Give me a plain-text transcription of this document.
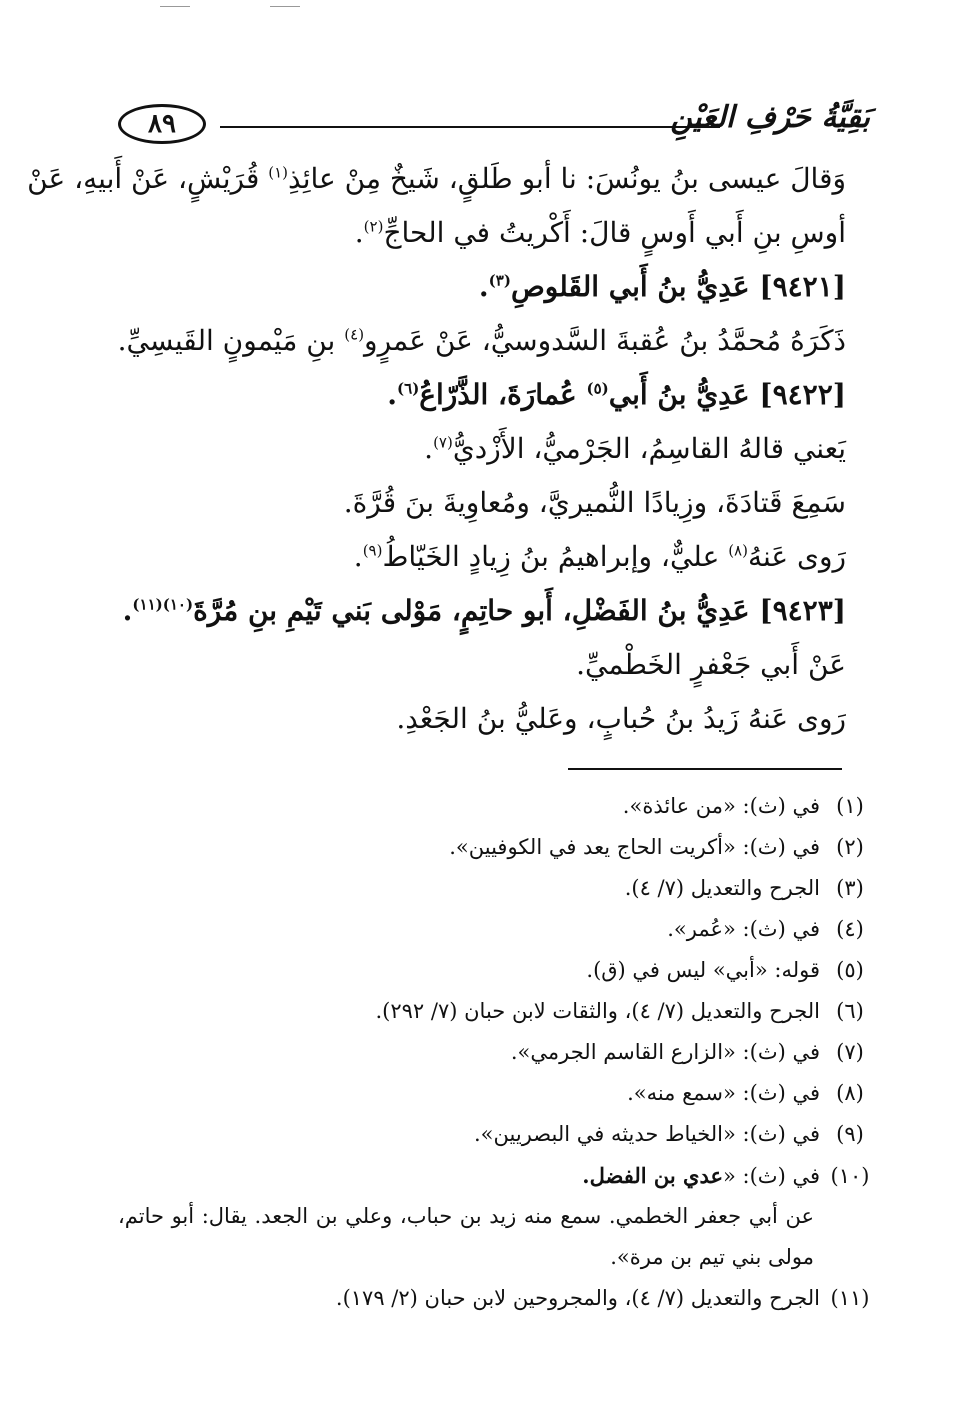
٨٩	بَقِيَّةُ حَرْفِ العَيْنِ
وَقالَ عيسى بنُ يونُسَ: نا أبو طَلقٍ، شَيخٌ مِنْ عائِذِ$^{(١)}$ قُرَيْشٍ، عَنْ أَبيهِ، عَنْ
أوسِ بنِ أَبي أَوسٍ قالَ: أَكْريتُ في الحاجِّ$^{(٢)}$.
[٩٤٢١] عَدِيُّ بنُ أَبي القَلوصِ$^{(٣)}$.
ذَكَرَهُ مُحمَّدُ بنُ عُقبةَ السَّدوسيُّ، عَنْ عَمرٍو$^{(٤)}$ بنِ مَيْمونٍ القَيسِيِّ.
[٩٤٢٢] عَدِيُّ بنُ أَبي$^{(٥)}$ عُمارَةَ، الذَّرّاعُ$^{(٦)}$.
يَعني قالهُ القاسِمُ، الجَرْميُّ، الأَزْديُّ$^{(٧)}$.
سَمِعَ قَتادَةَ، وزِيادًا النُّميريَّ، ومُعاوِيةَ بنَ قُرَّةَ.
رَوى عَنهُ$^{(٨)}$ عليٌّ، وإبراهيمُ بنُ زِيادٍ الخَيّاطُ$^{(٩)}$.
[٩٤٢٣] عَدِيُّ بنُ الفَضْلِ، أَبو حاتِمٍ، مَوْلى بَني تَيْمِ بنِ مُرَّةَ$^{(١٠)(١١)}$.
عَنْ أَبي جَعْفرٍ الخَطْميِّ.
رَوى عَنهُ زَيدُ بنُ حُبابٍ، وعَليُّ بنُ الجَعْدِ.
(١)في (ث): «من عائذة».
(٢)في (ث): «أكريت الحاج يعد في الكوفيين».
(٣)الجرح والتعديل (٧/ ٤).
(٤)في (ث): «عُمر».
(٥)قوله: «أبي» ليس في (ق).
(٦)الجرح والتعديل (٧/ ٤)، والثقات لابن حبان (٧/ ٢٩٢).
(٧)في (ث): «الزارع القاسم الجرمي».
(٨)في (ث): «سمع منه».
(٩)في (ث): «الخياط حديثه في البصريين».
(١٠)في (ث): «عدي بن الفضل.
عن أبي جعفر الخطمي. سمع منه زيد بن حباب، وعلي بن الجعد. يقال: أبو حاتم،
مولى بني تيم بن مرة».
(١١)الجرح والتعديل (٧/ ٤)، والمجروحين لابن حبان (٢/ ١٧٩).
